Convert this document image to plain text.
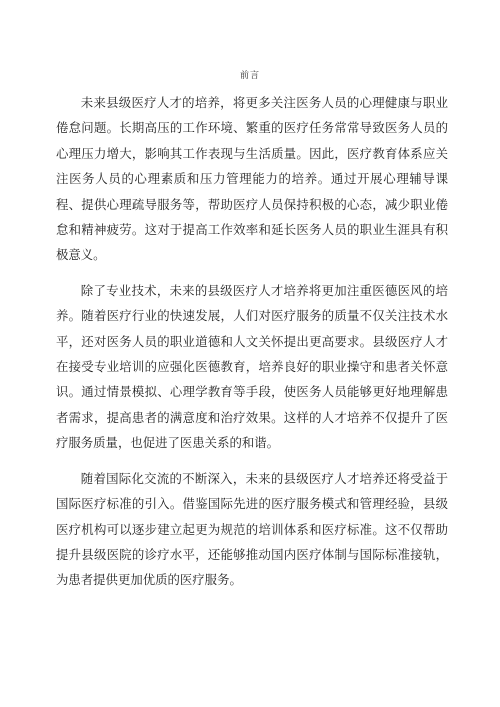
前言

未来县级医疗人才的培养，将更多关注医务人员的心理健康与职业倦怠问题。长期高压的工作环境、繁重的医疗任务常常导致医务人员的心理压力增大，影响其工作表现与生活质量。因此，医疗教育体系应关注医务人员的心理素质和压力管理能力的培养。通过开展心理辅导课程、提供心理疏导服务等，帮助医疗人员保持积极的心态，减少职业倦怠和精神疲劳。这对于提高工作效率和延长医务人员的职业生涯具有积极意义。

除了专业技术，未来的县级医疗人才培养将更加注重医德医风的培养。随着医疗行业的快速发展，人们对医疗服务的质量不仅关注技术水平，还对医务人员的职业道德和人文关怀提出更高要求。县级医疗人才在接受专业培训的应强化医德教育，培养良好的职业操守和患者关怀意识。通过情景模拟、心理学教育等手段，使医务人员能够更好地理解患者需求，提高患者的满意度和治疗效果。这样的人才培养不仅提升了医疗服务质量，也促进了医患关系的和谐。

随着国际化交流的不断深入，未来的县级医疗人才培养还将受益于国际医疗标准的引入。借鉴国际先进的医疗服务模式和管理经验，县级医疗机构可以逐步建立起更为规范的培训体系和医疗标准。这不仅帮助提升县级医院的诊疗水平，还能够推动国内医疗体制与国际标准接轨，为患者提供更加优质的医疗服务。
